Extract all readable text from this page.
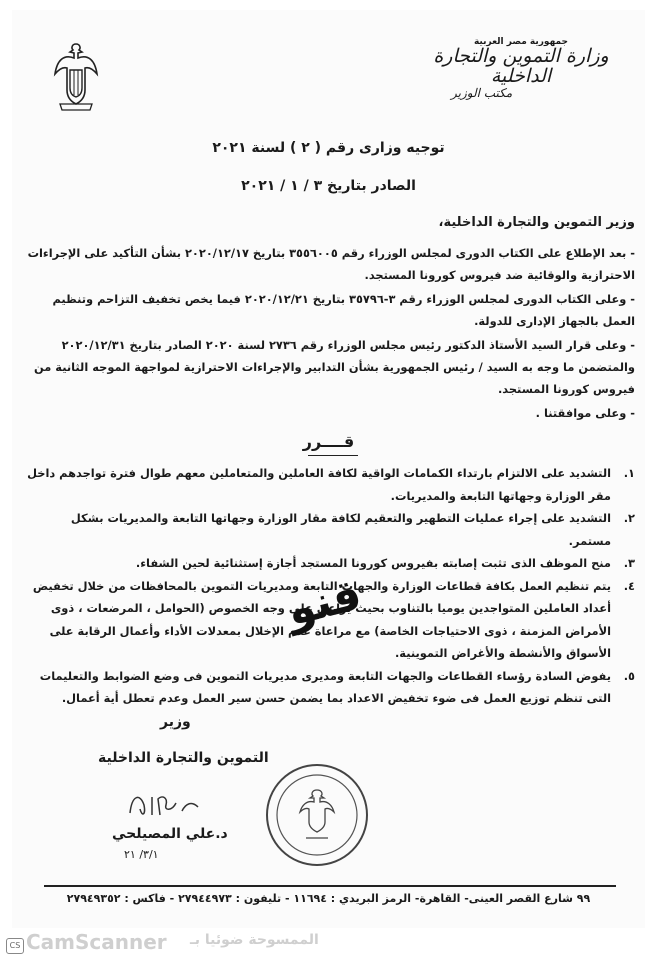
جمهورية مصر العربية
وزارة التموين والتجارة الداخلية
مكتب الوزير
توجيه وزارى رقم ( ٢ ) لسنة ٢٠٢١
الصادر بتاريخ ٣ / ١ / ٢٠٢١
وزير التموين والتجارة الداخلية،
- بعد الإطلاع على الكتاب الدورى لمجلس الوزراء رقم ٣٥٥٦٠٠٥ بتاريخ ٢٠٢٠/١٢/١٧ بشأن التأكيد على الإجراءات الاحترازية والوقائية ضد فيروس كورونا المستجد.
- وعلى الكتاب الدورى لمجلس الوزراء رقم ٣-٣٥٧٩٦ بتاريخ ٢٠٢٠/١٢/٢١ فيما يخص تخفيف التزاحم وتنظيم العمل بالجهاز الإدارى للدولة.
- وعلى قرار السيد الأستاذ الدكتور رئيس مجلس الوزراء رقم ٢٧٣٦ لسنة ٢٠٢٠ الصادر بتاريخ ٢٠٢٠/١٢/٣١ والمتضمن ما وجه به السيد / رئيس الجمهورية بشأن التدابير والإجراءات الاحترازية لمواجهة الموجه الثانية من فيروس كورونا المستجد.
- وعلى موافقتنا .
قــــرر
١.
التشديد على الالتزام بارتداء الكمامات الواقية لكافة العاملين والمتعاملين معهم طوال فترة تواجدهم داخل مقر الوزارة وجهاتها التابعة والمديريات.
٢.
التشديد على إجراء عمليات التطهير والتعقيم لكافة مقار الوزارة وجهاتها التابعة والمديريات بشكل مستمر.
٣.
منح الموظف الذى تثبت إصابته بفيروس كورونا المستجد أجازة إستثنائية لحين الشفاء.
٤.
يتم تنظيم العمل بكافة قطاعات الوزارة والجهات التابعة ومديريات التموين بالمحافظات من خلال تخفيض أعداد العاملين المتواجدين يوميا بالتناوب بحيث يراعى على وجه الخصوص (الحوامل ، المرضعات ، ذوى الأمراض المزمنة ، ذوى الاحتياجات الخاصة) مع مراعاة عدم الإخلال بمعدلات الأداء وأعمال الرقابة على الأسواق والأنشطة والأغراض التموينية.
٥.
يفوض السادة رؤساء القطاعات والجهات التابعة ومديرى مديريات التموين فى وضع الضوابط والتعليمات التى تنظم توزيع العمل فى ضوء تخفيض الاعداد بما يضمن حسن سير العمل وعدم تعطل أية أعمال.
قنو
وزير
التموين والتجارة الداخلية
د.علي المصيلحي
٣/١/ ٢١
٩٩ شارع القصر العينى- القاهرة- الرمز البريدي : ١١٦٩٤ - تليفون : ٢٧٩٤٤٩٧٣ - فاكس : ٢٧٩٤٩٣٥٢
CS CamScanner الممسوحة ضوئيا بـ
